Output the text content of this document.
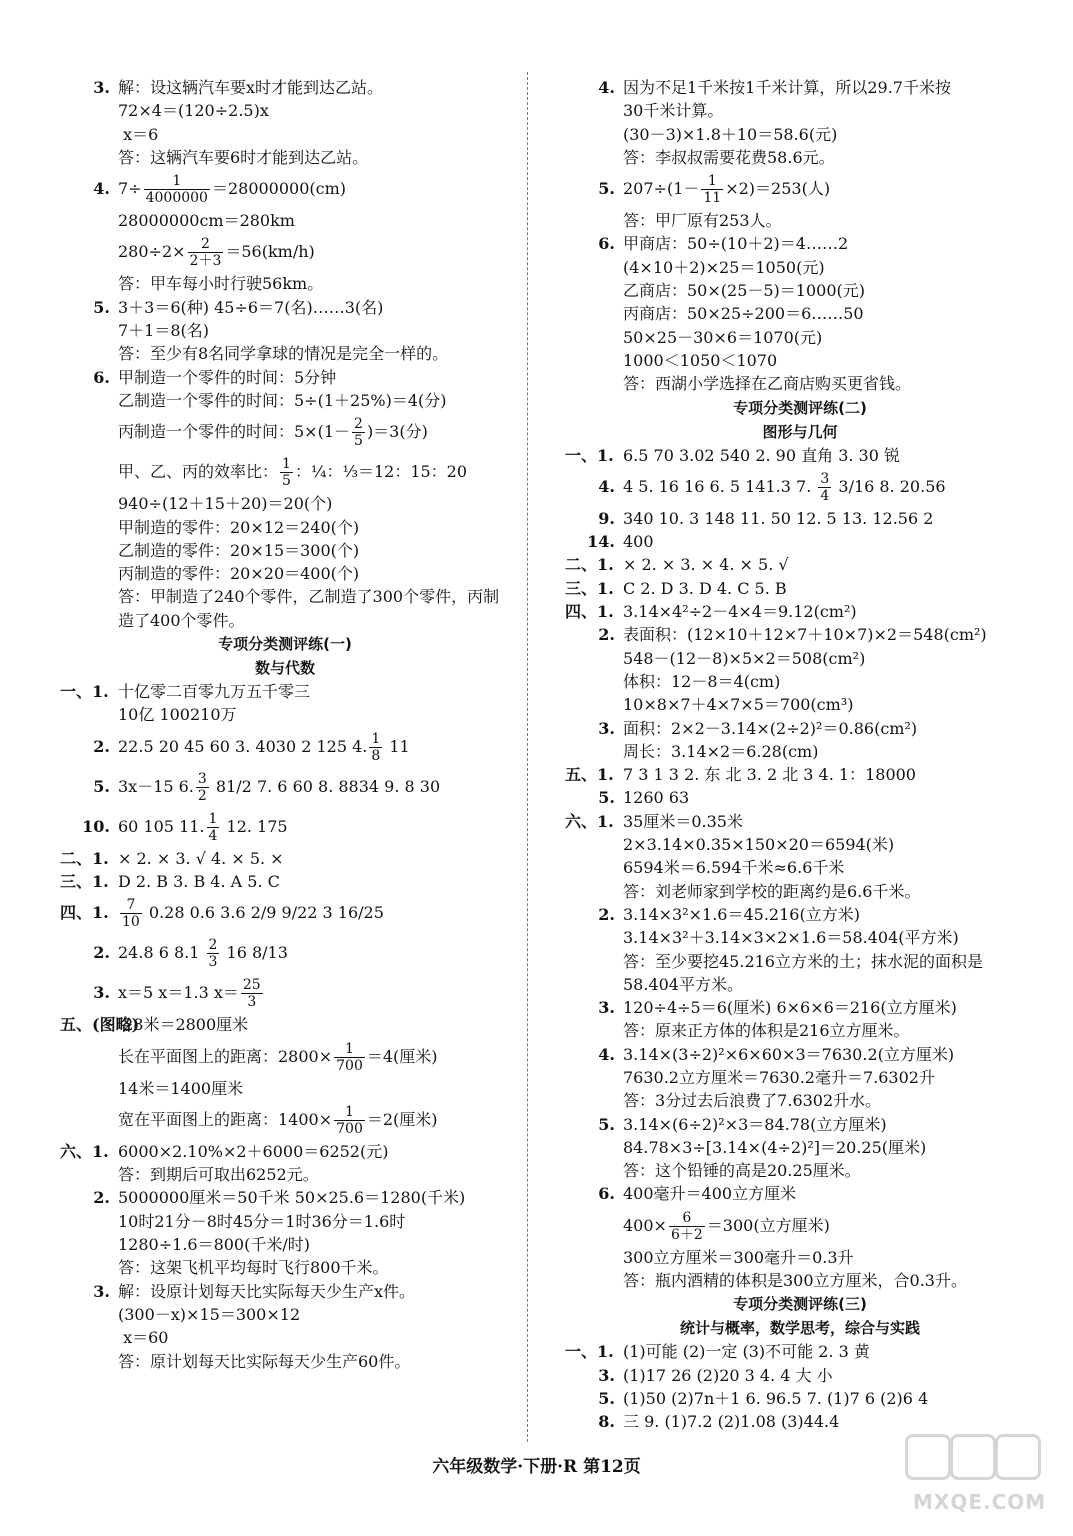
3. 解：设这辆汽车要x时才能到达乙站。
72×4＝(120÷2.5)x
x＝6
答：这辆汽车要6时才能到达乙站。
4. $7\div \frac{1}{4000000} =28000000(cm)$
28000000cm＝280km
$280\div 2\times \frac{2}{2+3} =56(km/h)$
答：甲车每小时行驶56km。
5. 3＋3＝6(种) 45÷6＝7(名)……3(名)
7＋1＝8(名)
答：至少有8名同学拿球的情况是完全一样的。
6. 甲制造一个零件的时间：5分钟
乙制造一个零件的时间：5÷(1＋25%)＝4(分)
丙制造一个零件的时间：$5\times(1- \frac{2}{5} )=3$(分)
甲、乙、丙的效率比： $\frac{1}{5}$ ：¼：⅓＝12：15：20
940÷(12＋15＋20)＝20(个)
甲制造的零件：20×12＝240(个)
乙制造的零件：20×15＝300(个)
丙制造的零件：20×20＝400(个)
答：甲制造了240个零件，乙制造了300个零件，丙制
造了400个零件。
专项分类测评练(一)
数与代数
一、1. 十亿零二百零九万五千零三
10亿 100210万
2. 22.5 20 45 60 3. 4030 2 125 4. $\frac{1}{8} 11$
5. 3x－15 6. $\frac{3}{2} 81/2$ 7. 6 60 8. 8834 9. 8 30
10. 60 105 11. $\frac{1}{4} 12$. 175
二、1. × 2. × 3. √ 4. × 5. ×
三、1. D 2. B 3. B 4. A 5. C
四、1. $\frac{7}{10} 0.28$ 0.6 3.6 2/9 9/22 3 16/25
2. 24.8 6 $8.1 \frac{2}{3} 16$ 8/13
3. x＝5 x＝1.3 $x= \frac{25}{3}$
五、(图略) 28米＝2800厘米
长在平面图上的距离：$2800\times \frac{1}{700} =4$(厘米)
14米＝1400厘米
宽在平面图上的距离：$1400\times \frac{1}{700} =2$(厘米)
六、1. 6000×2.10%×2＋6000＝6252(元)
答：到期后可取出6252元。
2. 5000000厘米＝50千米 50×25.6＝1280(千米)
10时21分－8时45分＝1时36分＝1.6时
1280÷1.6＝800(千米/时)
答：这架飞机平均每时飞行800千米。
3. 解：设原计划每天比实际每天少生产x件。
(300－x)×15＝300×12
x＝60
答：原计划每天比实际每天少生产60件。
4. 因为不足1千米按1千米计算，所以29.7千米按
30千米计算。
(30－3)×1.8＋10＝58.6(元)
答：李叔叔需要花费58.6元。
5. $207\div(1- \frac{1}{11} \times 2)=253$(人)
答：甲厂原有253人。
6. 甲商店：50÷(10＋2)＝4……2
(4×10＋2)×25＝1050(元)
乙商店：50×(25－5)＝1000(元)
丙商店：50×25÷200＝6……50
50×25－30×6＝1070(元)
1000＜1050＜1070
答：西湖小学选择在乙商店购买更省钱。
专项分类测评练(二)
图形与几何
一、1. 6.5 70 3.02 540 2. 90 直角 3. 30 锐
4. 4 5. 16 16 6. 5 141.3 7. $\frac{3}{4} 3/16$ 8. 20.56
9. 340 10. 3 148 11. 50 12. 5 13. 12.56 2
14. 400
二、1. × 2. × 3. × 4. × 5. √
三、1. C 2. D 3. D 4. C 5. B
四、1. 3.14×4²÷2－4×4＝9.12(cm²)
2. 表面积：(12×10＋12×7＋10×7)×2＝548(cm²)
548－(12－8)×5×2＝508(cm²)
体积：12－8＝4(cm)
10×8×7＋4×7×5＝700(cm³)
3. 面积：2×2－3.14×(2÷2)²＝0.86(cm²)
周长：3.14×2＝6.28(cm)
五、1. 7 3 1 3 2. 东 北 3. 2 北 3 4. 1：18000
5. 1260 63
六、1. 35厘米＝0.35米
2×3.14×0.35×150×20＝6594(米)
6594米＝6.594千米≈6.6千米
答：刘老师家到学校的距离约是6.6千米。
2. 3.14×3²×1.6＝45.216(立方米)
3.14×3²＋3.14×3×2×1.6＝58.404(平方米)
答：至少要挖45.216立方米的土；抹水泥的面积是
58.404平方米。
3. 120÷4÷5＝6(厘米) 6×6×6＝216(立方厘米)
答：原来正方体的体积是216立方厘米。
4. 3.14×(3÷2)²×6×60×3＝7630.2(立方厘米)
7630.2立方厘米＝7630.2毫升＝7.6302升
答：3分过去后浪费了7.6302升水。
5. 3.14×(6÷2)²×3＝84.78(立方厘米)
84.78×3÷[3.14×(4÷2)²]＝20.25(厘米)
答：这个铅锤的高是20.25厘米。
6. 400毫升＝400立方厘米
$400\times \frac{6}{6+2} =300$(立方厘米)
300立方厘米＝300毫升＝0.3升
答：瓶内酒精的体积是300立方厘米，合0.3升。
专项分类测评练(三)
统计与概率，数学思考，综合与实践
一、1. (1)可能 (2)一定 (3)不可能 2. 3 黄
3. (1)17 26 (2)20 3 4. 4 大 小
5. (1)50 (2)7n＋1 6. 96.5 7. (1)7 6 (2)6 4
8. 三 9. (1)7.2 (2)1.08 (3)44.4
六年级数学·下册·R 第12页
MXQE.COM
